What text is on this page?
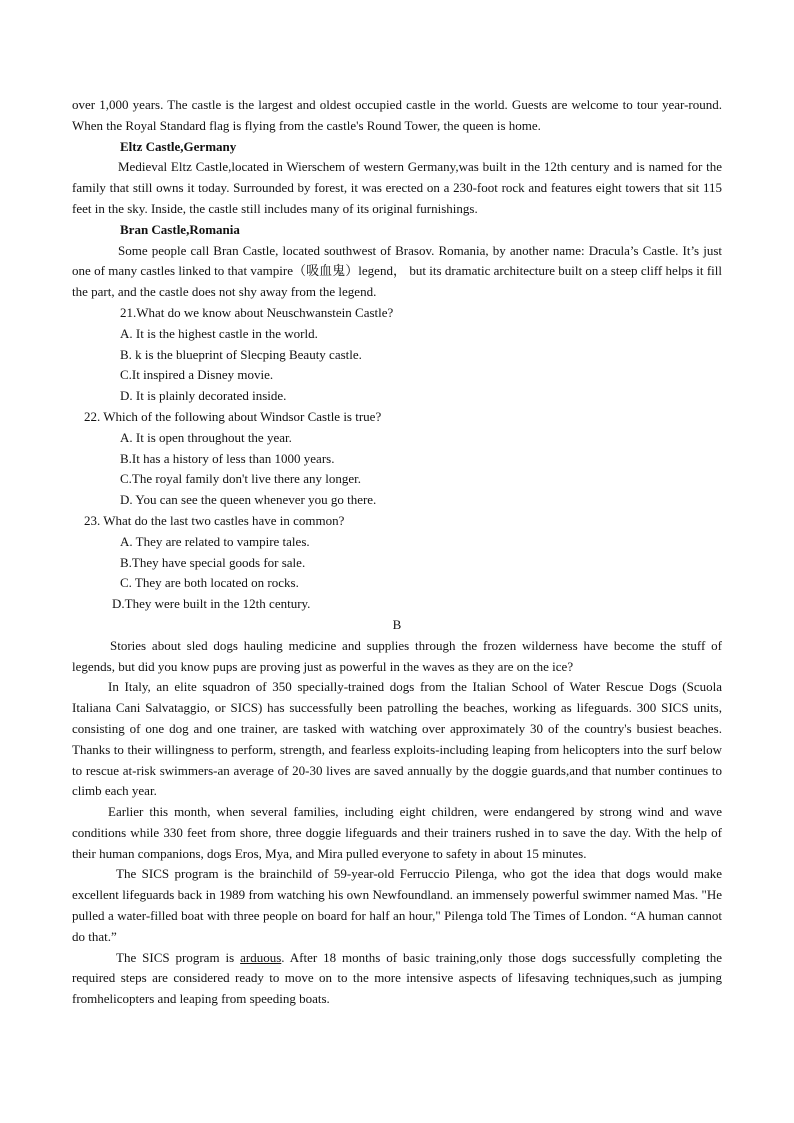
over 1,000 years. The castle is the largest and oldest occupied castle in the world. Guests are welcome to tour year-round. When the Royal Standard flag is flying from the castle's Round Tower, the queen is home.

Eltz Castle,Germany

Medieval Eltz Castle,located in Wierschem of western Germany,was built in the 12th century and is named for the family that still owns it today. Surrounded by forest, it was erected on a 230-foot rock and features eight towers that sit 115 feet in the sky. Inside, the castle still includes many of its original furnishings.

Bran Castle,Romania

Some people call Bran Castle, located southwest of Brasov. Romania, by another name: Dracula’s Castle. It’s just one of many castles linked to that vampire（吸血鬼）legend， but its dramatic architecture built on a steep cliff helps it fill the part, and the castle does not shy away from the legend.

21.What do we know about Neuschwanstein Castle?

A. It is the highest castle in the world.

B. k is the blueprint of Slecping Beauty castle.

C.It inspired a Disney movie.

D. It is plainly decorated inside.

22. Which of the following about Windsor Castle is true?

A. It is open throughout the year.

B.It has a history of less than 1000 years.

C.The royal family don't live there any longer.

D. You can see the queen whenever you go there.

23. What do the last two castles have in common?

A. They are related to vampire tales.

B.They have special goods for sale.

C. They are both located on rocks.

D.They were built in the 12th century.

B

Stories about sled dogs hauling medicine and supplies through the frozen wilderness have become the stuff of legends, but did you know pups are proving just as powerful in the waves as they are on the ice?

In Italy, an elite squadron of 350 specially-trained dogs from the Italian School of Water Rescue Dogs (Scuola Italiana Cani Salvataggio, or SICS) has successfully been patrolling the beaches, working as lifeguards. 300 SICS units, consisting of one dog and one trainer, are tasked with watching over approximately 30 of the country's busiest beaches. Thanks to their willingness to perform, strength, and fearless exploits-including leaping from helicopters into the surf below to rescue at-risk swimmers-an average of 20-30 lives are saved annually by the doggie guards,and that number continues to climb each year.

Earlier this month, when several families, including eight children, were endangered by strong wind and wave conditions while 330 feet from shore, three doggie lifeguards and their trainers rushed in to save the day. With the help of their human companions, dogs Eros, Mya, and Mira pulled everyone to safety in about 15 minutes.

The SICS program is the brainchild of 59-year-old Ferruccio Pilenga, who got the idea that dogs would make excellent lifeguards back in 1989 from watching his own Newfoundland. an immensely powerful swimmer named Mas. "He pulled a water-filled boat with three people on board for half an hour," Pilenga told The Times of London. “A human cannot do that.”

The SICS program is arduous. After 18 months of basic training,only those dogs successfully completing the required steps are considered ready to move on to the more intensive aspects of lifesaving techniques,such as jumping fromhelicopters and leaping from speeding boats.
